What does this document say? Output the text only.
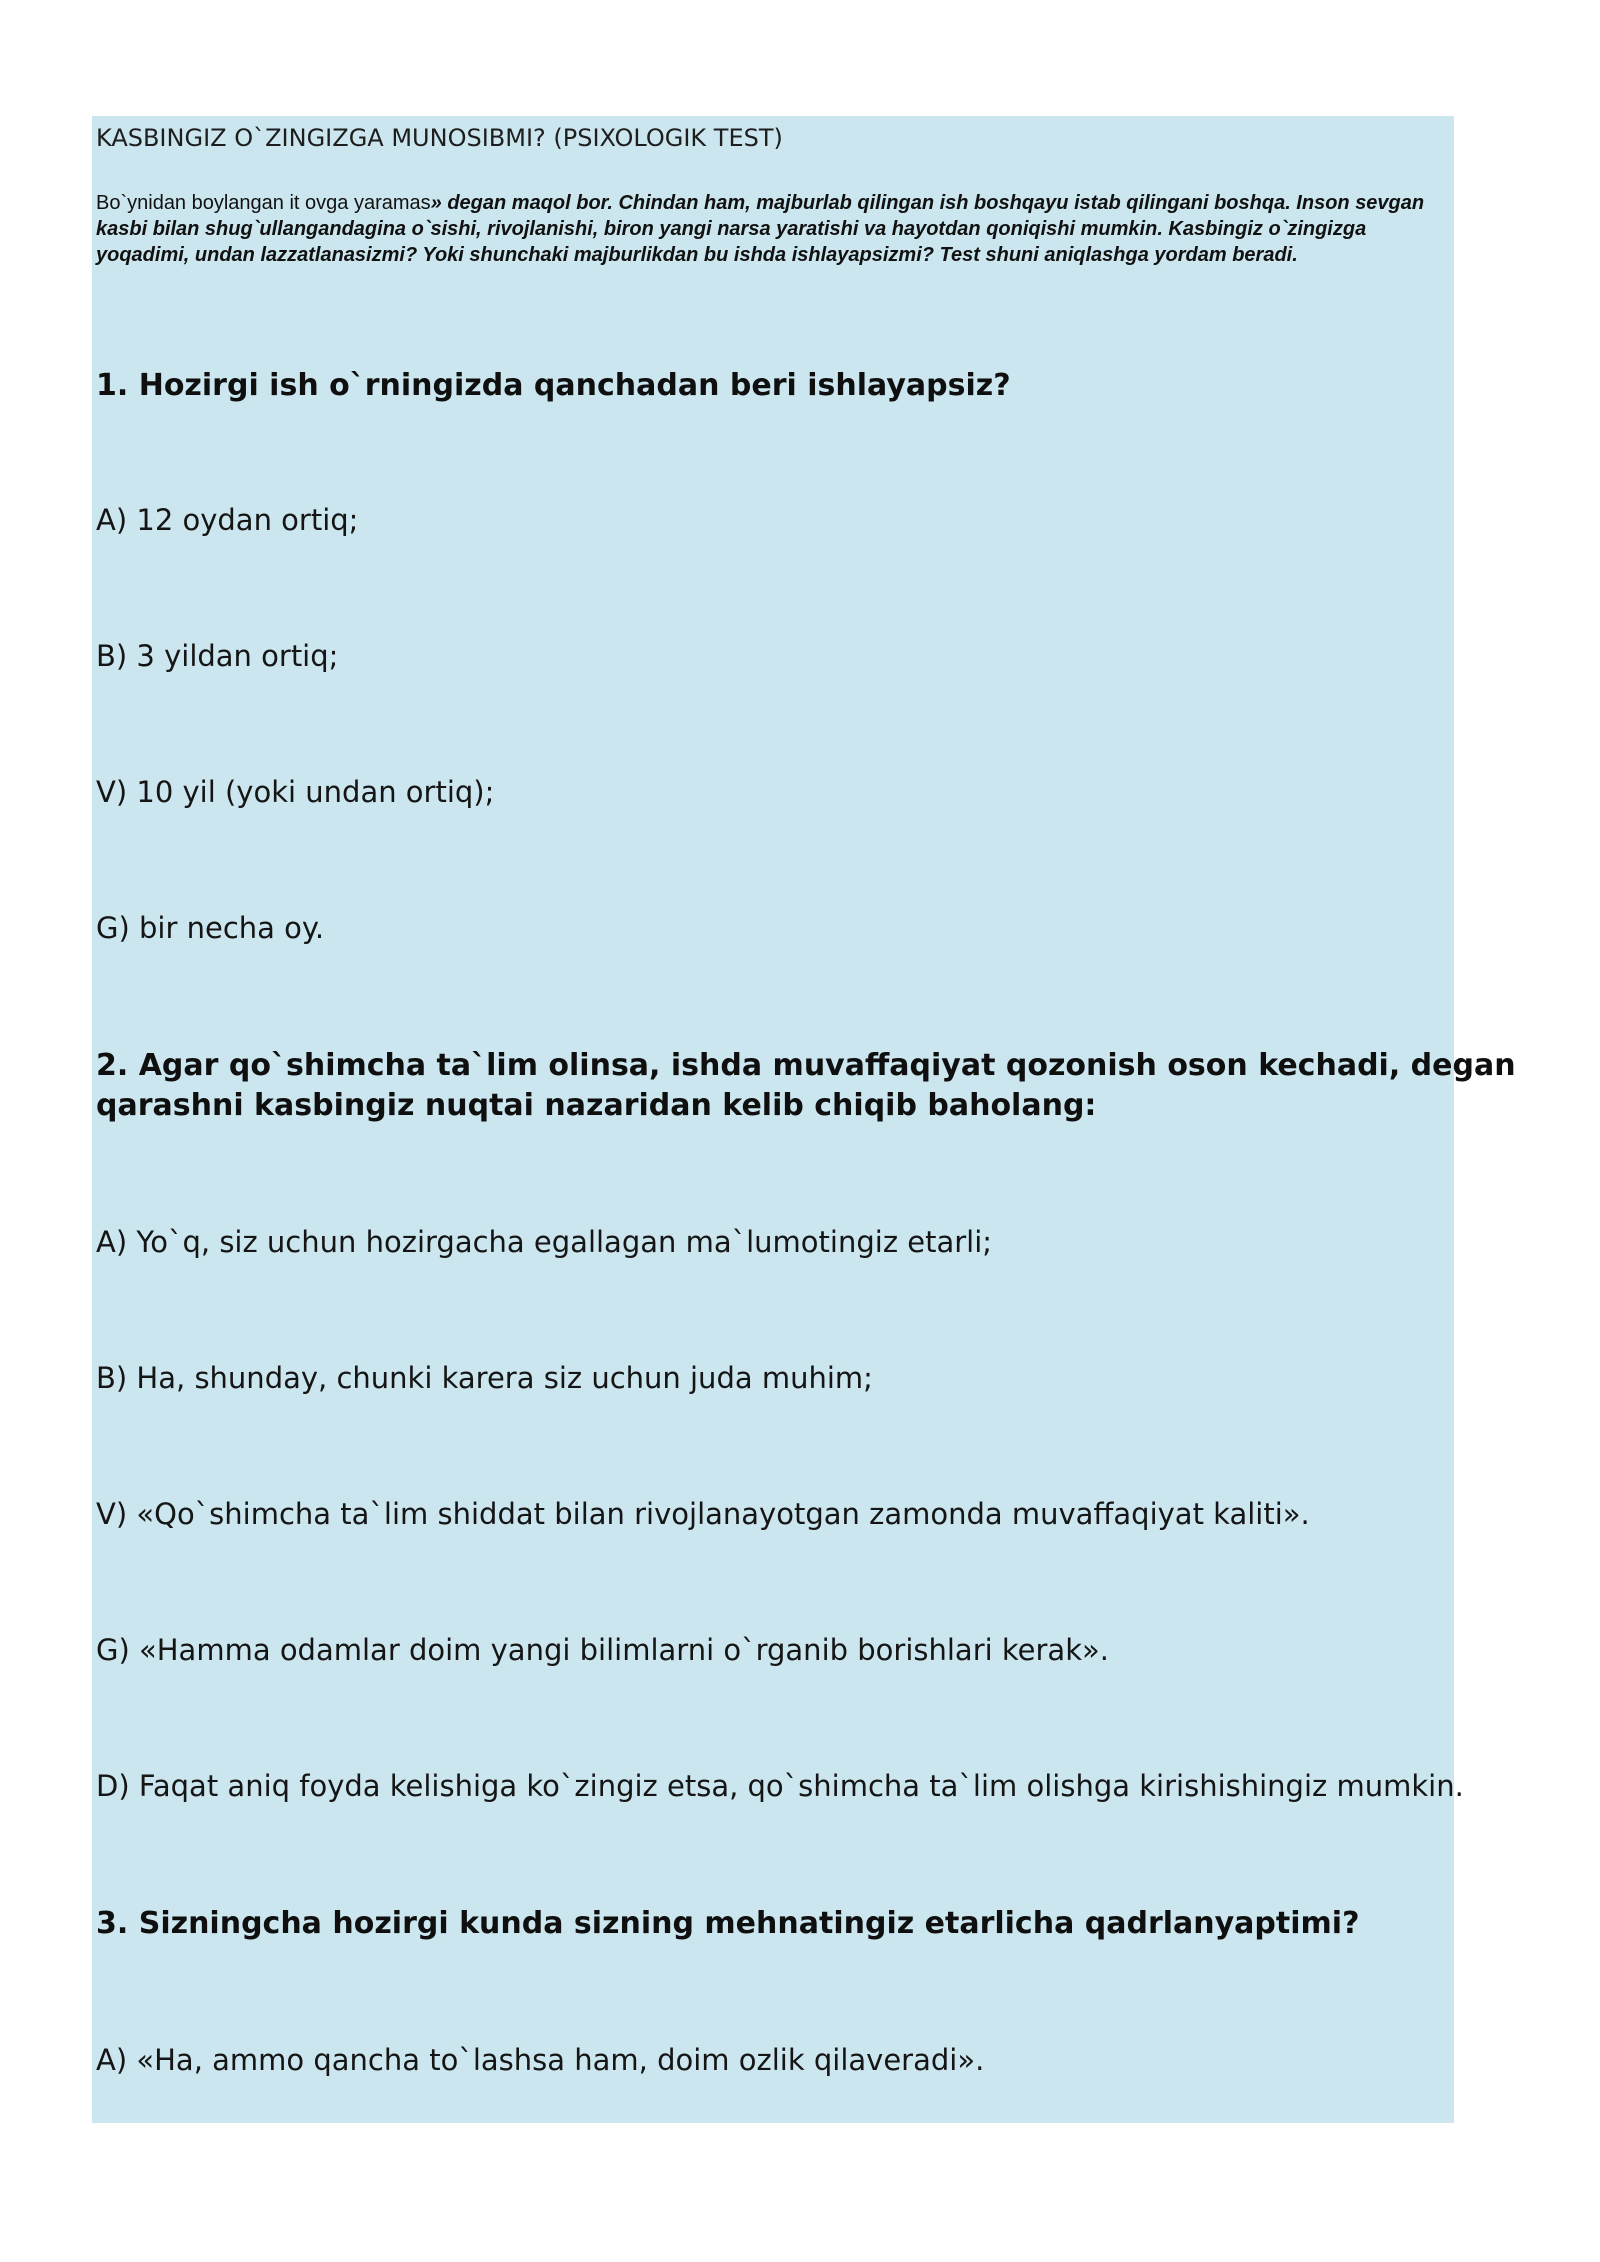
KASBINGIZ O`ZINGIZGA MUNOSIBMI? (PSIXOLOGIK TEST)

Bo`ynidan boylangan it ovga yaramas» degan maqol bor. Chindan ham, majburlab qilingan ish boshqayu istab qilingani boshqa. Inson sevgan kasbi bilan shug`ullangandagina o`sishi, rivojlanishi, biron yangi narsa yaratishi va hayotdan qoniqishi mumkin. Kasbingiz o`zingizga yoqadimi, undan lazzatlanasizmi? Yoki shunchaki majburlikdan bu ishda ishlayapsizmi? Test shuni aniqlashga yordam beradi.

1. Hozirgi ish o`rningizda qanchadan beri ishlayapsiz?

A) 12 oydan ortiq;

B) 3 yildan ortiq;

V) 10 yil (yoki undan ortiq);

G) bir necha oy.

2. Agar qo`shimcha ta`lim olinsa, ishda muvaffaqiyat qozonish oson kechadi, degan

qarashni kasbingiz nuqtai nazaridan kelib chiqib baholang:

A) Yo`q, siz uchun hozirgacha egallagan ma`lumotingiz etarli;

B) Ha, shunday, chunki karera siz uchun juda muhim;

V) «Qo`shimcha ta`lim shiddat bilan rivojlanayotgan zamonda muvaffaqiyat kaliti».

G) «Hamma odamlar doim yangi bilimlarni o`rganib borishlari kerak».

D) Faqat aniq foyda kelishiga ko`zingiz etsa, qo`shimcha ta`lim olishga kirishishingiz mumkin.

3. Sizningcha hozirgi kunda sizning mehnatingiz etarlicha qadrlanyaptimi?

A) «Ha, ammo qancha to`lashsa ham, doim ozlik qilaveradi».
